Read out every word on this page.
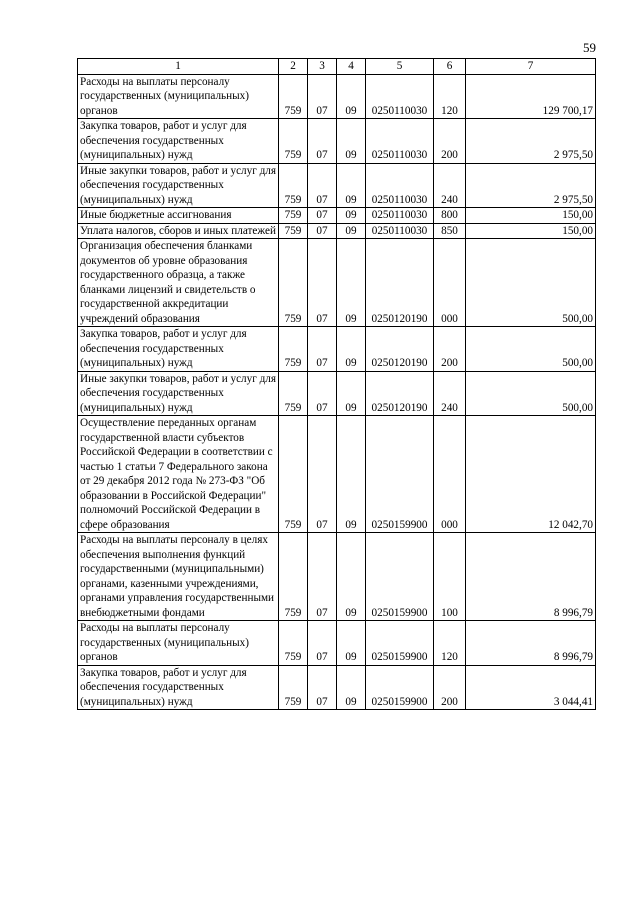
59
1	2	3	4	5	6	7
Расходы на выплаты персоналу государственных (муниципальных) органов	759	07	09	0250110030	120	129 700,17
Закупка товаров, работ и услуг для обеспечения государственных (муниципальных) нужд	759	07	09	0250110030	200	2 975,50
Иные закупки товаров, работ и услуг для обеспечения государственных (муниципальных) нужд	759	07	09	0250110030	240	2 975,50
Иные бюджетные ассигнования	759	07	09	0250110030	800	150,00
Уплата налогов, сборов и иных платежей	759	07	09	0250110030	850	150,00
Организация обеспечения бланками документов об уровне образования государственного образца, а также бланками лицензий и свидетельств о государственной аккредитации учреждений образования	759	07	09	0250120190	000	500,00
Закупка товаров, работ и услуг для обеспечения государственных (муниципальных) нужд	759	07	09	0250120190	200	500,00
Иные закупки товаров, работ и услуг для обеспечения государственных (муниципальных) нужд	759	07	09	0250120190	240	500,00
Осуществление переданных органам государственной власти субъектов Российской Федерации в соответствии с частью 1 статьи 7 Федерального закона от 29 декабря 2012 года № 273-ФЗ "Об образовании в Российской Федерации" полномочий Российской Федерации в сфере образования	759	07	09	0250159900	000	12 042,70
Расходы на выплаты персоналу в целях обеспечения выполнения функций государственными (муниципальными) органами, казенными учреждениями, органами управления государственными внебюджетными фондами	759	07	09	0250159900	100	8 996,79
Расходы на выплаты персоналу государственных (муниципальных) органов	759	07	09	0250159900	120	8 996,79
Закупка товаров, работ и услуг для обеспечения государственных (муниципальных) нужд	759	07	09	0250159900	200	3 044,41
